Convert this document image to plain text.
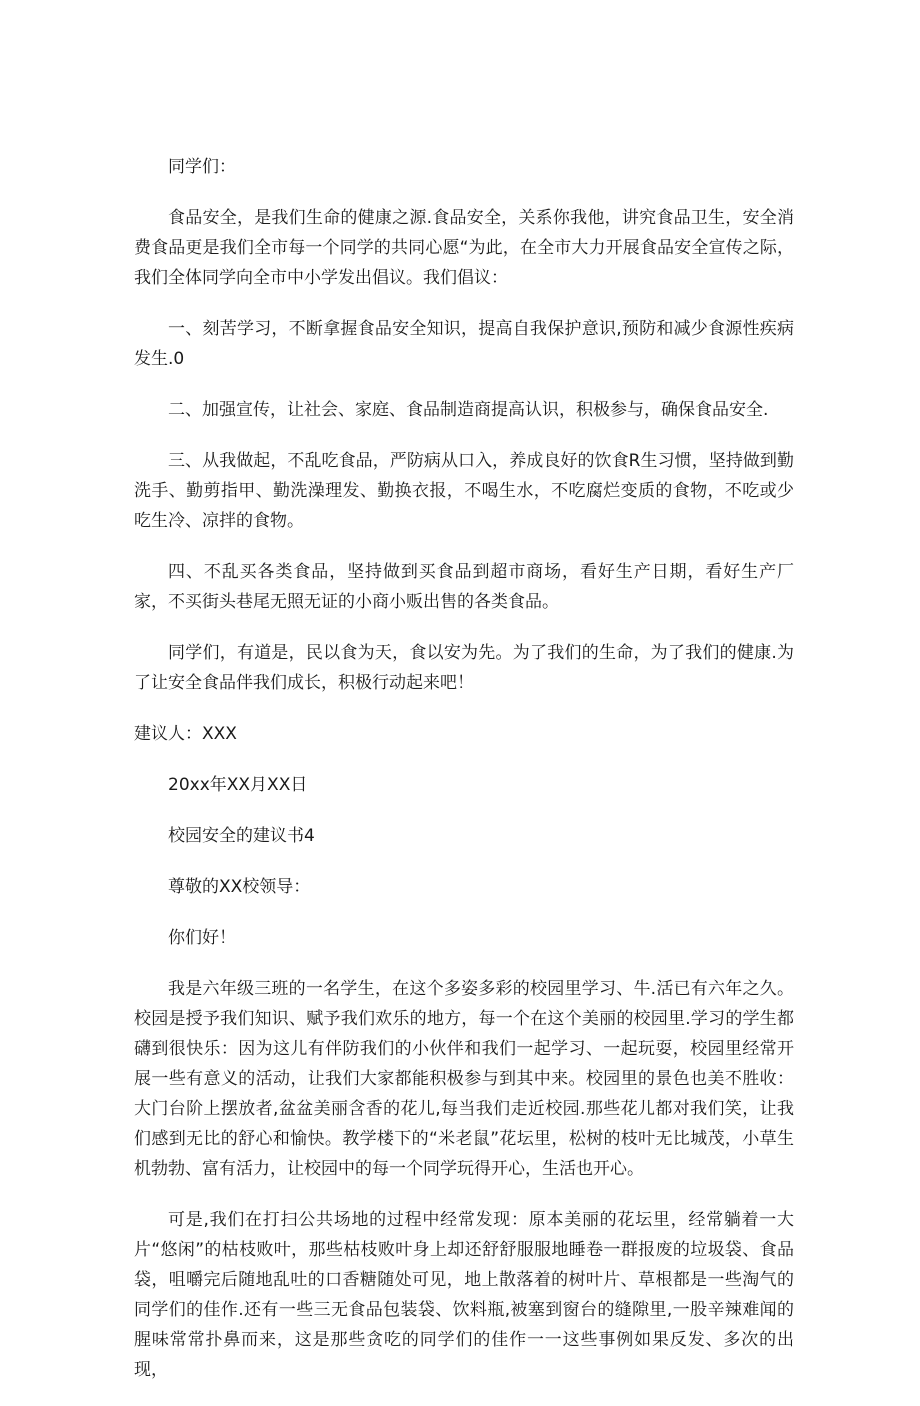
同学们：

食品安全，是我们生命的健康之源.食品安全，关系你我他，讲究食品卫生，安全消费食品更是我们全市每一个同学的共同心愿“为此，在全市大力开展食品安全宣传之际，我们全体同学向全市中小学发出倡议。我们倡议：

一、刻苦学习，不断拿握食品安全知识，提高自我保护意识,预防和减少食源性疾病发生.0

二、加强宣传，让社会、家庭、食品制造商提高认识，积极参与，确保食品安全.

三、从我做起，不乱吃食品，严防病从口入，养成良好的饮食R生习惯，坚持做到勤洗手、勤剪指甲、勤洗澡理发、勤换衣报，不喝生水，不吃腐烂变质的食物，不吃或少吃生冷、凉拌的食物。

四、不乱买各类食品，坚持做到买食品到超市商场，看好生产日期，看好生产厂家，不买街头巷尾无照无证的小商小贩出售的各类食品。

同学们，有道是，民以食为天，食以安为先。为了我们的生命，为了我们的健康.为了让安全食品伴我们成长，积极行动起来吧！

建议人：XXX

20xx年XX月XX日

校园安全的建议书4

尊敬的XX校领导：

你们好！

我是六年级三班的一名学生，在这个多姿多彩的校园里学习、牛.活已有六年之久。校园是授予我们知识、赋予我们欢乐的地方，每一个在这个美丽的校园里.学习的学生都礴到很快乐：因为这儿有伴防我们的小伙伴和我们一起学习、一起玩耍，校园里经常开展一些有意义的活动，让我们大家都能积极参与到其中来。校园里的景色也美不胜收：大门台阶上摆放者,盆盆美丽含香的花儿,每当我们走近校园.那些花儿都对我们笑，让我们感到无比的舒心和愉快。教学楼下的“米老鼠”花坛里，松树的枝叶无比城茂，小草生机勃勃、富有活力，让校园中的每一个同学玩得开心，生活也开心。

可是,我们在打扫公共场地的过程中经常发现：原本美丽的花坛里，经常躺着一大片“悠闲”的枯枝败叶，那些枯枝败叶身上却还舒舒服服地睡卷一群报废的垃圾袋、食品袋，咀嚼完后随地乱吐的口香糖随处可见，地上散落着的树叶片、草根都是一些淘气的同学们的佳作.还有一些三无食品包装袋、饮料瓶,被塞到窗台的缝隙里,一股辛辣难闻的腥味常常扑鼻而来，这是那些贪吃的同学们的佳作一一这些事例如果反发、多次的出现，
